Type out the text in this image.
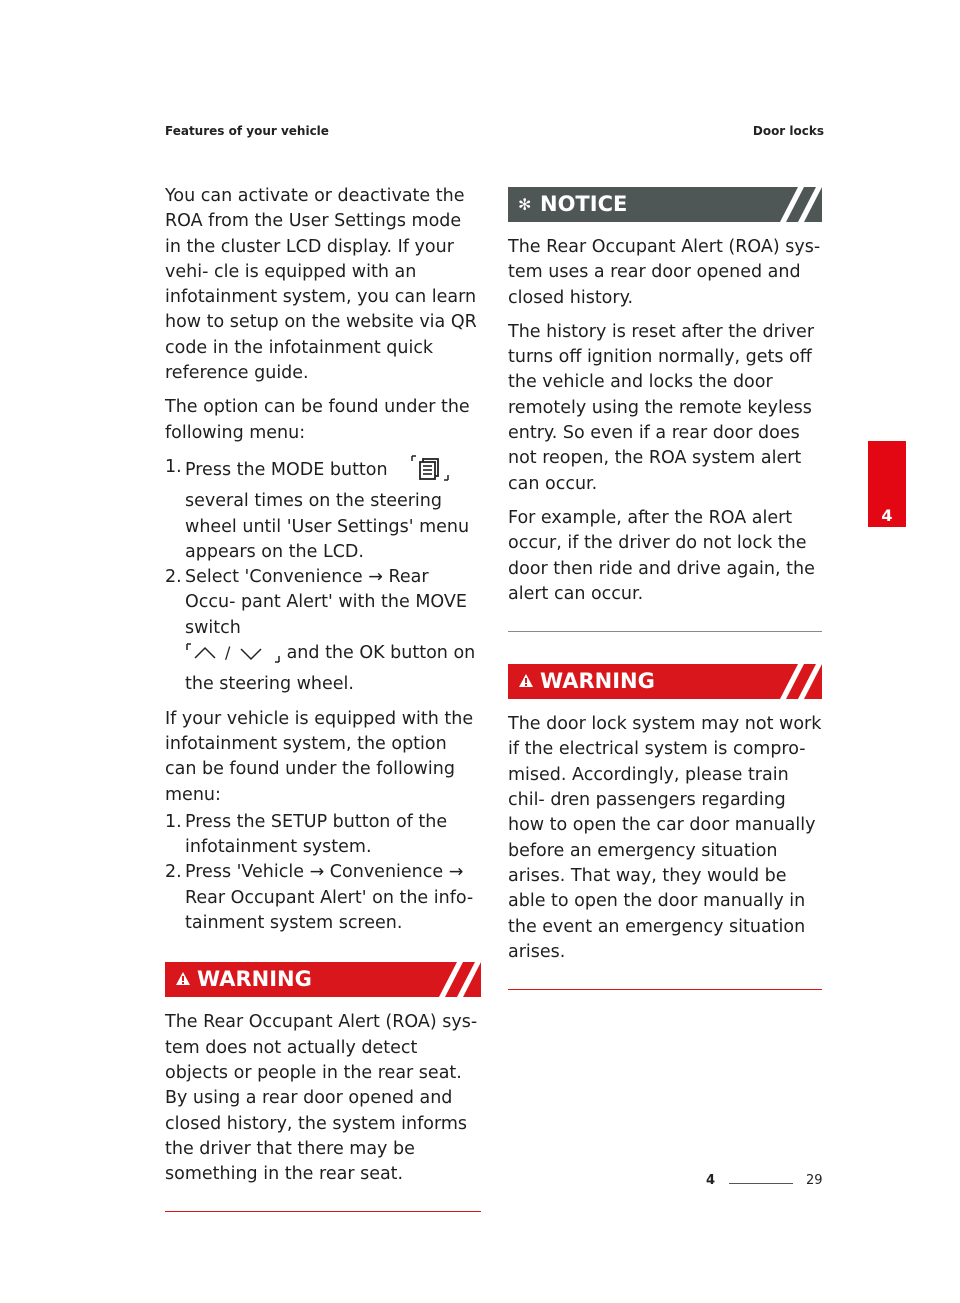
Features of your vehicle	Door locks

You can activate or deactivate the ROA from the User Settings mode in the cluster LCD display. If your vehi- cle is equipped with an infotainment system, you can learn how to setup on the website via QR code in the infotainment quick reference guide.

The option can be found under the following menu:

1. Press the MODE button
several times on the steering wheel until 'User Settings' menu appears on the LCD.
2. Select 'Convenience → Rear Occu- pant Alert' with the MOVE switch

/	and the OK button on the steering wheel.

If your vehicle is equipped with the infotainment system, the option can be found under the following menu:

1. Press the SETUP button of the infotainment system.
2. Press 'Vehicle → Convenience → Rear Occupant Alert' on the info- tainment system screen.
WARNING

The Rear Occupant Alert (ROA) sys- tem does not actually detect objects or people in the rear seat. By using a rear door opened and closed history, the system informs the driver that there may be something in the rear seat.

✻ NOTICE

The Rear Occupant Alert (ROA) sys- tem uses a rear door opened and closed history.

The history is reset after the driver turns off ignition normally, gets off the vehicle and locks the door remotely using the remote keyless entry. So even if a rear door does not reopen, the ROA system alert can occur.

For example, after the ROA alert occur, if the driver do not lock the door then ride and drive again, the alert can occur.

WARNING

The door lock system may not work if the electrical system is compro- mised. Accordingly, please train chil- dren passengers regarding how to open the car door manually before an emergency situation arises. That way, they would be able to open the door manually in the event an emergency situation arises.

4
4	29
